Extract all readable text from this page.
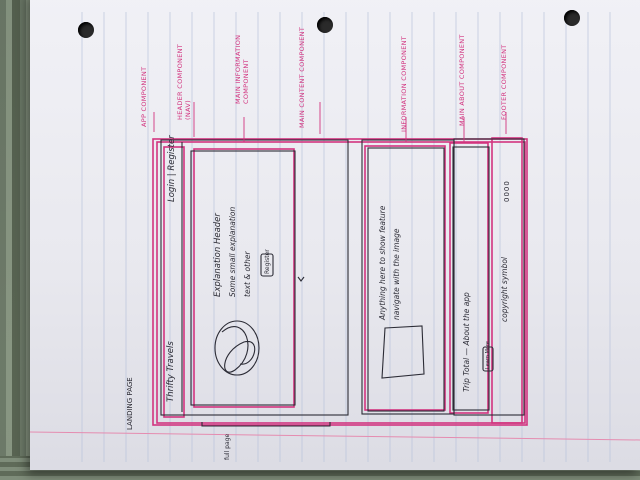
APP COMPONENT	HEADER COMPONENT (NAV)
MAIN INFORMATION COMPONENT	MAIN CONTENT COMPONENT	INFORMATION COMPONENT	MAIN ABOUT COMPONENT	FOOTER COMPONENT
LANDING PAGE
full page
Thrifty Travels
Login | Register
Explanation Header Some small explanation text & other Register	Anything here to show feature navigate with the image
Trip Total — About the app	Learn More
copyright symbol
0000
